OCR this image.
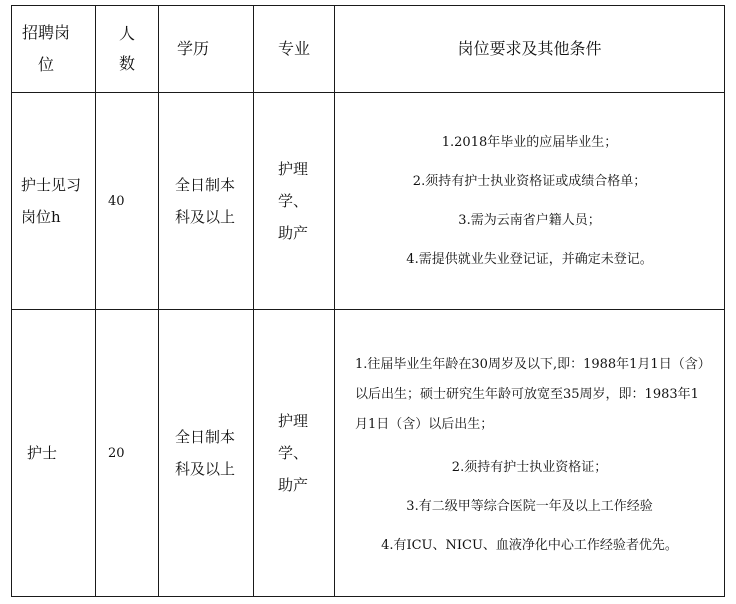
招聘岗位	人数	学历	专业	岗位要求及其他条件
护士见习岗位h	40	全日制本科及以上	护理学、助产	1.2018年毕业的应届毕业生；

2.须持有护士执业资格证或成绩合格单；

3.需为云南省户籍人员；

4.需提供就业失业登记证，并确定未登记。

护士	20	全日制本科及以上	护理学、助产	1.往届毕业生年龄在30周岁及以下,即：1988年1月1日（含）以后出生；硕士研究生年龄可放宽至35周岁，即：1983年1月1日（含）以后出生；

2.须持有护士执业资格证；

3.有二级甲等综合医院一年及以上工作经验

4.有ICU、NICU、血液净化中心工作经验者优先。
